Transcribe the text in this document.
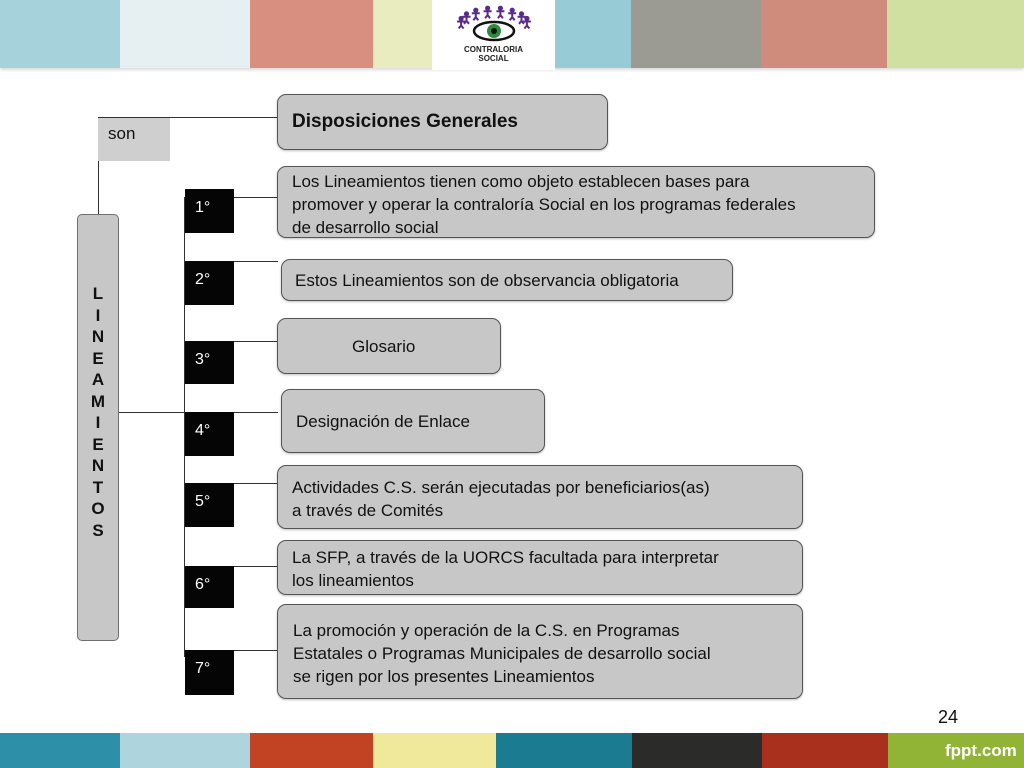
CONTRALORIA
SOCIAL
son
L
I
N
E
A
M
I
E
N
T
O
S
Disposiciones Generales
1°
2°
3°
4°
5°
6°
7°
Los Lineamientos tienen como objeto establecen bases para
promover y operar la contraloría Social en los programas federales
de desarrollo social
Estos Lineamientos son de observancia obligatoria
Glosario
Designación de Enlace
Actividades C.S. serán ejecutadas por beneficiarios(as)
a través de Comités
La SFP, a través de la UORCS facultada para interpretar
los lineamientos
La promoción y operación de la C.S. en Programas
Estatales o Programas Municipales de desarrollo social
se rigen por los presentes Lineamientos
24
fppt.com
